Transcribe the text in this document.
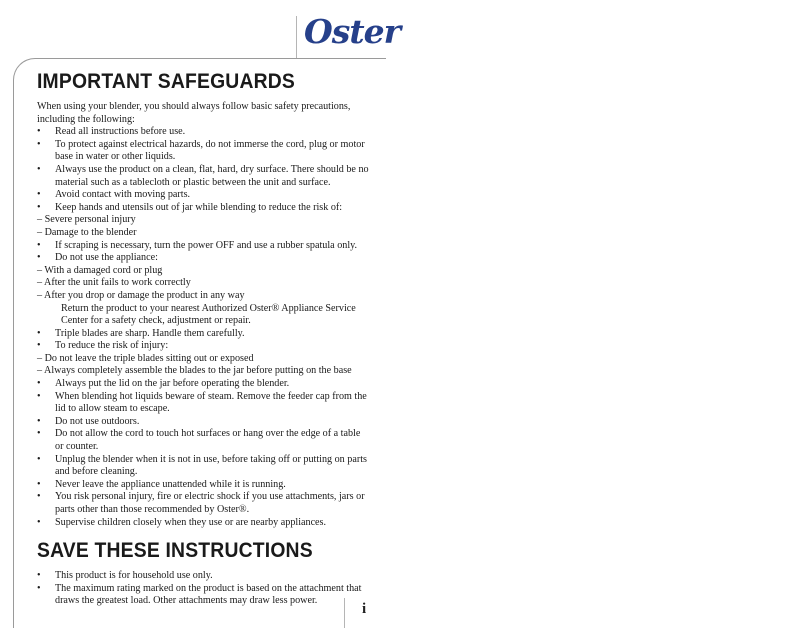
Oster
IMPORTANT SAFEGUARDS

When using your blender, you should always follow basic safety precautions, including the following:

• Read all instructions before use.
• To protect against electrical hazards, do not immerse the cord, plug or motor base in water or other liquids.
• Always use the product on a clean, flat, hard, dry surface. There should be no material such as a tablecloth or plastic between the unit and surface.
• Avoid contact with moving parts.
• Keep hands and utensils out of jar while blending to reduce the risk of:
– Severe personal injury
– Damage to the blender
• If scraping is necessary, turn the power OFF and use a rubber spatula only.
• Do not use the appliance:
– With a damaged cord or plug
– After the unit fails to work correctly
– After you drop or damage the product in any way
Return the product to your nearest Authorized Oster® Appliance Service Center for a safety check, adjustment or repair.
• Triple blades are sharp. Handle them carefully.
• To reduce the risk of injury:
– Do not leave the triple blades sitting out or exposed
– Always completely assemble the blades to the jar before putting on the base
• Always put the lid on the jar before operating the blender.
• When blending hot liquids beware of steam. Remove the feeder cap from the lid to allow steam to escape.
• Do not use outdoors.
• Do not allow the cord to touch hot surfaces or hang over the edge of a table or counter.
• Unplug the blender when it is not in use, before taking off or putting on parts and before cleaning.
• Never leave the appliance unattended while it is running.
• You risk personal injury, fire or electric shock if you use attachments, jars or parts other than those recommended by Oster®.
• Supervise children closely when they use or are nearby appliances.
SAVE THESE INSTRUCTIONS
• This product is for household use only.
• The maximum rating marked on the product is based on the attachment that draws the greatest load. Other attachments may draw less power.
i
